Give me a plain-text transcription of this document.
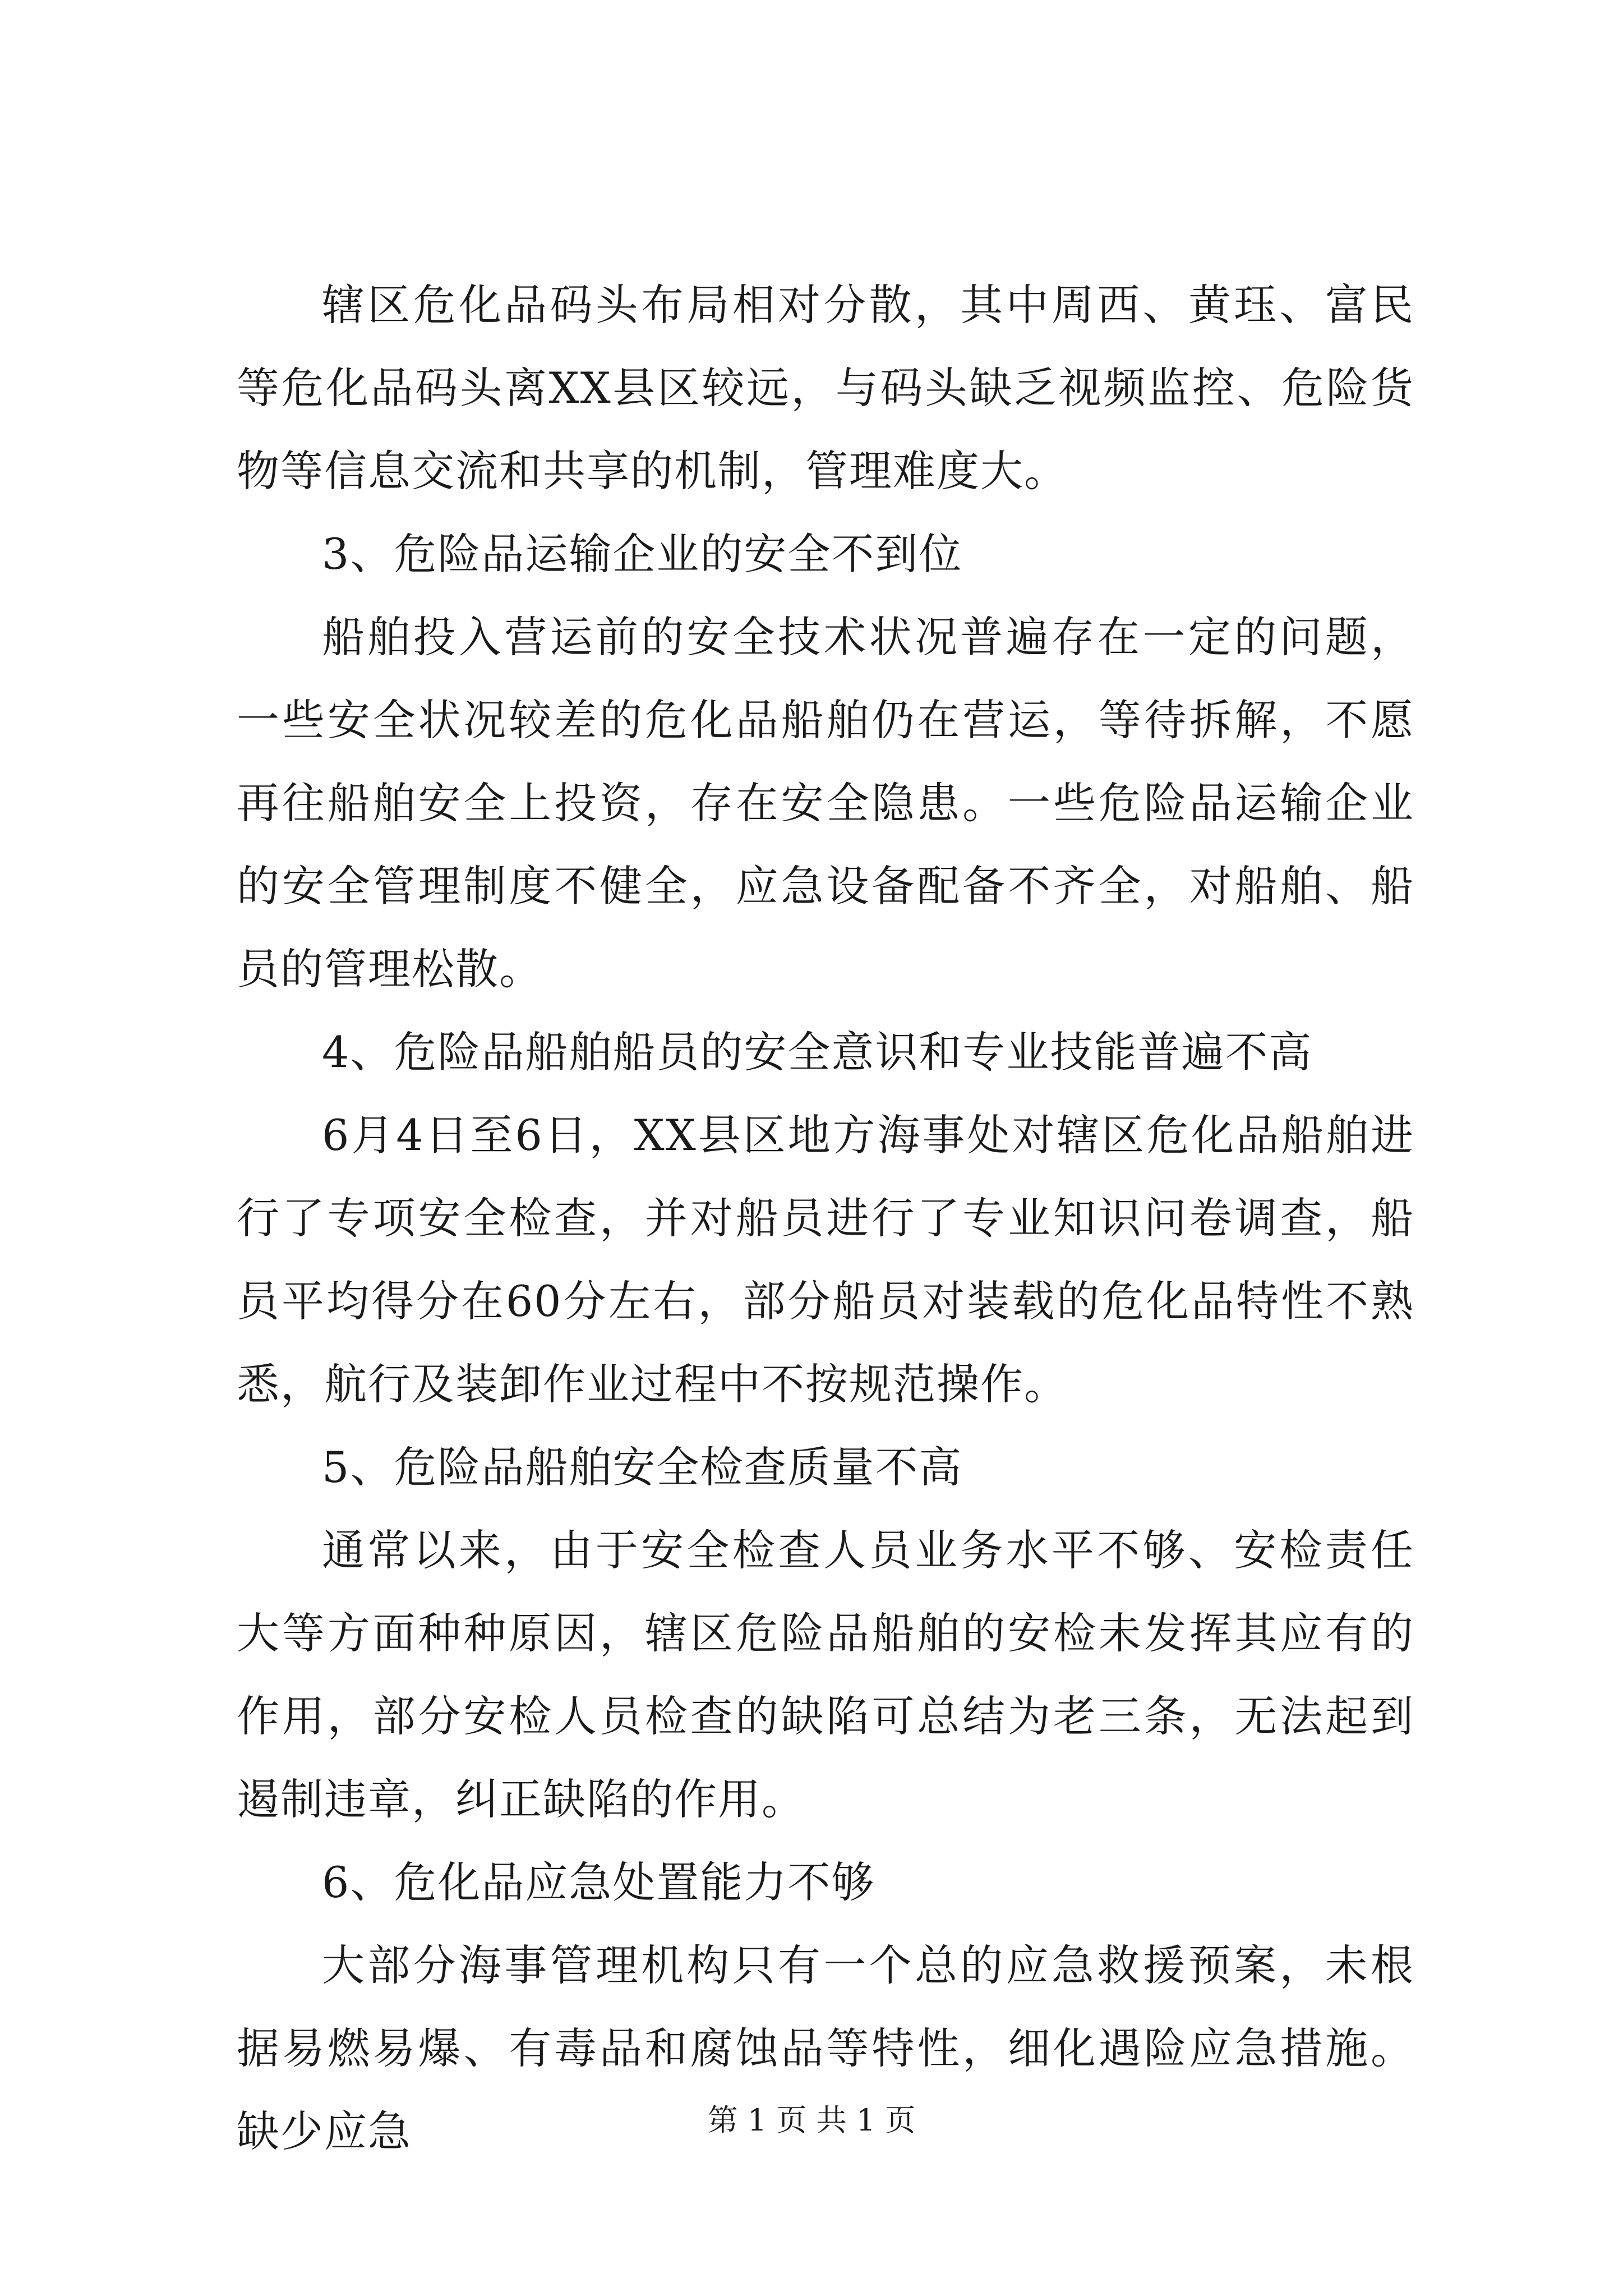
辖区危化品码头布局相对分散，其中周西、黄珏、富民等危化品码头离XX县区较远，与码头缺乏视频监控、危险货物等信息交流和共享的机制，管理难度大。

3、危险品运输企业的安全不到位

船舶投入营运前的安全技术状况普遍存在一定的问题，一些安全状况较差的危化品船舶仍在营运，等待拆解，不愿再往船舶安全上投资，存在安全隐患。一些危险品运输企业的安全管理制度不健全，应急设备配备不齐全，对船舶、船员的管理松散。

4、危险品船舶船员的安全意识和专业技能普遍不高

6月4日至6日，XX县区地方海事处对辖区危化品船舶进行了专项安全检查，并对船员进行了专业知识问卷调查，船员平均得分在60分左右，部分船员对装载的危化品特性不熟悉，航行及装卸作业过程中不按规范操作。

5、危险品船舶安全检查质量不高

通常以来，由于安全检查人员业务水平不够、安检责任大等方面种种原因，辖区危险品船舶的安检未发挥其应有的作用，部分安检人员检查的缺陷可总结为老三条，无法起到遏制违章，纠正缺陷的作用。

6、危化品应急处置能力不够

大部分海事管理机构只有一个总的应急救援预案，未根据易燃易爆、有毒品和腐蚀品等特性，细化遇险应急措施。缺少应急	第 1 页 共 1 页
